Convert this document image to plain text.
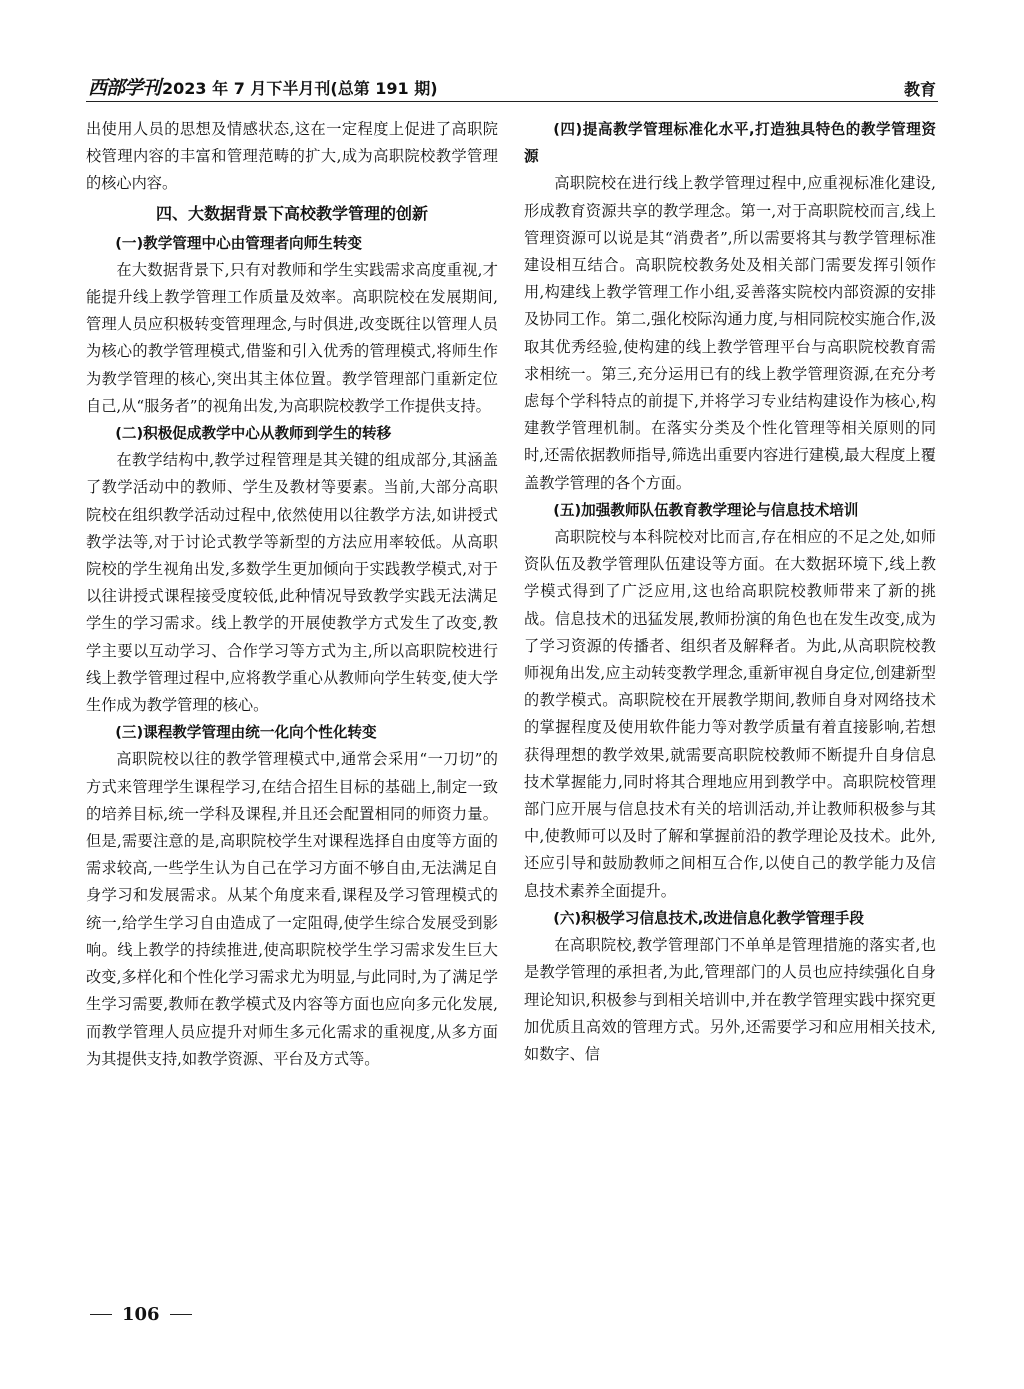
西部学刊 2023 年 7 月下半月刊(总第 191 期)	教育

出使用人员的思想及情感状态,这在一定程度上促进了高职院校管理内容的丰富和管理范畴的扩大,成为高职院校教学管理的核心内容。

四、大数据背景下高校教学管理的创新
(一)教学管理中心由管理者向师生转变

在大数据背景下,只有对教师和学生实践需求高度重视,才能提升线上教学管理工作质量及效率。高职院校在发展期间,管理人员应积极转变管理理念,与时俱进,改变既往以管理人员为核心的教学管理模式,借鉴和引入优秀的管理模式,将师生作为教学管理的核心,突出其主体位置。教学管理部门重新定位自己,从“服务者”的视角出发,为高职院校教学工作提供支持。

(二)积极促成教学中心从教师到学生的转移

在教学结构中,教学过程管理是其关键的组成部分,其涵盖了教学活动中的教师、学生及教材等要素。当前,大部分高职院校在组织教学活动过程中,依然使用以往教学方法,如讲授式教学法等,对于讨论式教学等新型的方法应用率较低。从高职院校的学生视角出发,多数学生更加倾向于实践教学模式,对于以往讲授式课程接受度较低,此种情况导致教学实践无法满足学生的学习需求。线上教学的开展使教学方式发生了改变,教学主要以互动学习、合作学习等方式为主,所以高职院校进行线上教学管理过程中,应将教学重心从教师向学生转变,使大学生作成为教学管理的核心。

(三)课程教学管理由统一化向个性化转变

高职院校以往的教学管理模式中,通常会采用“一刀切”的方式来管理学生课程学习,在结合招生目标的基础上,制定一致的培养目标,统一学科及课程,并且还会配置相同的师资力量。但是,需要注意的是,高职院校学生对课程选择自由度等方面的需求较高,一些学生认为自己在学习方面不够自由,无法满足自身学习和发展需求。从某个角度来看,课程及学习管理模式的统一,给学生学习自由造成了一定阻碍,使学生综合发展受到影响。线上教学的持续推进,使高职院校学生学习需求发生巨大改变,多样化和个性化学习需求尤为明显,与此同时,为了满足学生学习需要,教师在教学模式及内容等方面也应向多元化发展,而教学管理人员应提升对师生多元化需求的重视度,从多方面为其提供支持,如教学资源、平台及方式等。

(四)提高教学管理标准化水平,打造独具特色的教学管理资源

高职院校在进行线上教学管理过程中,应重视标准化建设,形成教育资源共享的教学理念。第一,对于高职院校而言,线上管理资源可以说是其“消费者”,所以需要将其与教学管理标准建设相互结合。高职院校教务处及相关部门需要发挥引领作用,构建线上教学管理工作小组,妥善落实院校内部资源的安排及协同工作。第二,强化校际沟通力度,与相同院校实施合作,汲取其优秀经验,使构建的线上教学管理平台与高职院校教育需求相统一。第三,充分运用已有的线上教学管理资源,在充分考虑每个学科特点的前提下,并将学习专业结构建设作为核心,构建教学管理机制。在落实分类及个性化管理等相关原则的同时,还需依据教师指导,筛选出重要内容进行建模,最大程度上覆盖教学管理的各个方面。

(五)加强教师队伍教育教学理论与信息技术培训

高职院校与本科院校对比而言,存在相应的不足之处,如师资队伍及教学管理队伍建设等方面。在大数据环境下,线上教学模式得到了广泛应用,这也给高职院校教师带来了新的挑战。信息技术的迅猛发展,教师扮演的角色也在发生改变,成为了学习资源的传播者、组织者及解释者。为此,从高职院校教师视角出发,应主动转变教学理念,重新审视自身定位,创建新型的教学模式。高职院校在开展教学期间,教师自身对网络技术的掌握程度及使用软件能力等对教学质量有着直接影响,若想获得理想的教学效果,就需要高职院校教师不断提升自身信息技术掌握能力,同时将其合理地应用到教学中。高职院校管理部门应开展与信息技术有关的培训活动,并让教师积极参与其中,使教师可以及时了解和掌握前沿的教学理论及技术。此外,还应引导和鼓励教师之间相互合作,以使自己的教学能力及信息技术素养全面提升。

(六)积极学习信息技术,改进信息化教学管理手段

在高职院校,教学管理部门不单单是管理措施的落实者,也是教学管理的承担者,为此,管理部门的人员也应持续强化自身理论知识,积极参与到相关培训中,并在教学管理实践中探究更加优质且高效的管理方式。另外,还需要学习和应用相关技术,如数字、信

106
